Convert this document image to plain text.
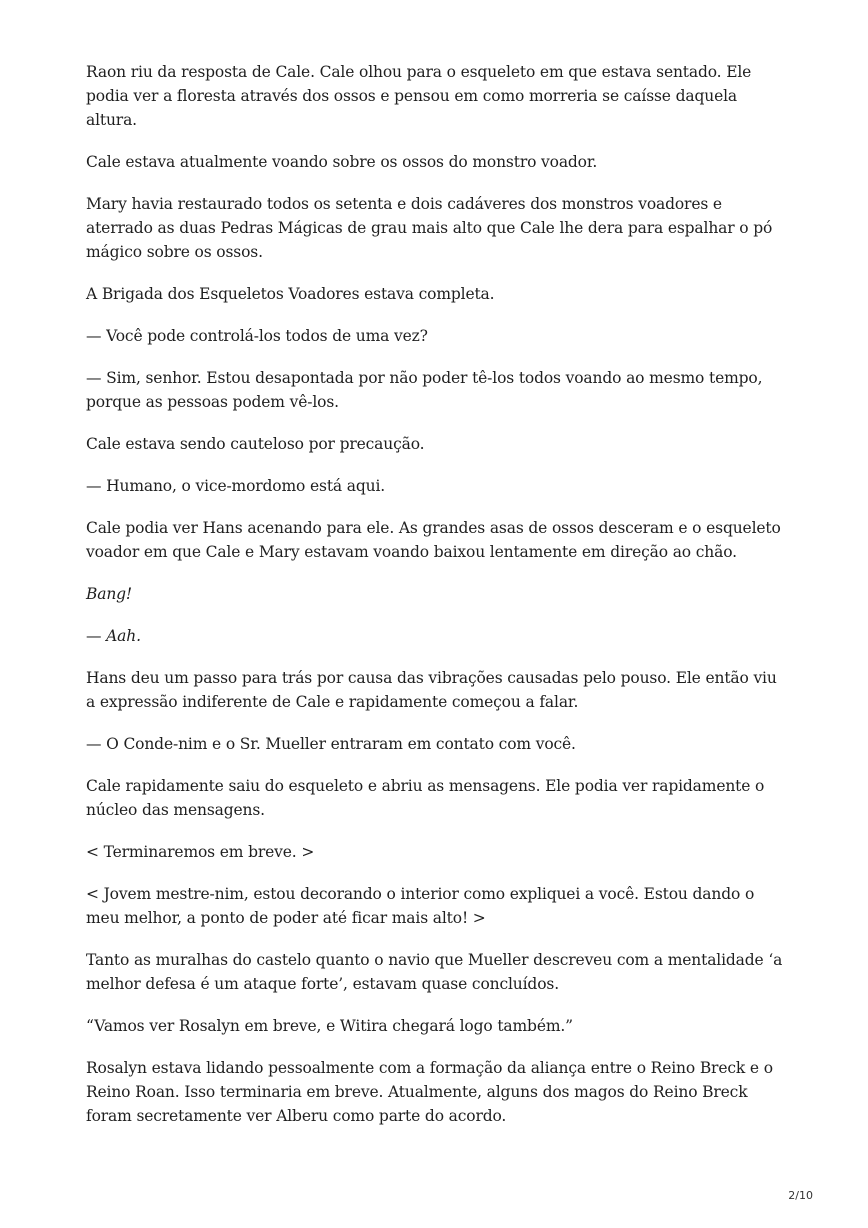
Raon riu da resposta de Cale. Cale olhou para o esqueleto em que estava sentado. Ele podia ver a floresta através dos ossos e pensou em como morreria se caísse daquela altura.

Cale estava atualmente voando sobre os ossos do monstro voador.

Mary havia restaurado todos os setenta e dois cadáveres dos monstros voadores e aterrado as duas Pedras Mágicas de grau mais alto que Cale lhe dera para espalhar o pó mágico sobre os ossos.

A Brigada dos Esqueletos Voadores estava completa.

— Você pode controlá-los todos de uma vez?

— Sim, senhor. Estou desapontada por não poder tê-los todos voando ao mesmo tempo, porque as pessoas podem vê-los.

Cale estava sendo cauteloso por precaução.

— Humano, o vice-mordomo está aqui.

Cale podia ver Hans acenando para ele. As grandes asas de ossos desceram e o esqueleto voador em que Cale e Mary estavam voando baixou lentamente em direção ao chão.

Bang!

— Aah.

Hans deu um passo para trás por causa das vibrações causadas pelo pouso. Ele então viu a expressão indiferente de Cale e rapidamente começou a falar.

— O Conde-nim e o Sr. Mueller entraram em contato com você.

Cale rapidamente saiu do esqueleto e abriu as mensagens. Ele podia ver rapidamente o núcleo das mensagens.

< Terminaremos em breve. >

< Jovem mestre-nim, estou decorando o interior como expliquei a você. Estou dando o meu melhor, a ponto de poder até ficar mais alto! >

Tanto as muralhas do castelo quanto o navio que Mueller descreveu com a mentalidade ‘a melhor defesa é um ataque forte’, estavam quase concluídos.

“Vamos ver Rosalyn em breve, e Witira chegará logo também.”

Rosalyn estava lidando pessoalmente com a formação da aliança entre o Reino Breck e o Reino Roan. Isso terminaria em breve. Atualmente, alguns dos magos do Reino Breck foram secretamente ver Alberu como parte do acordo.

2/10
